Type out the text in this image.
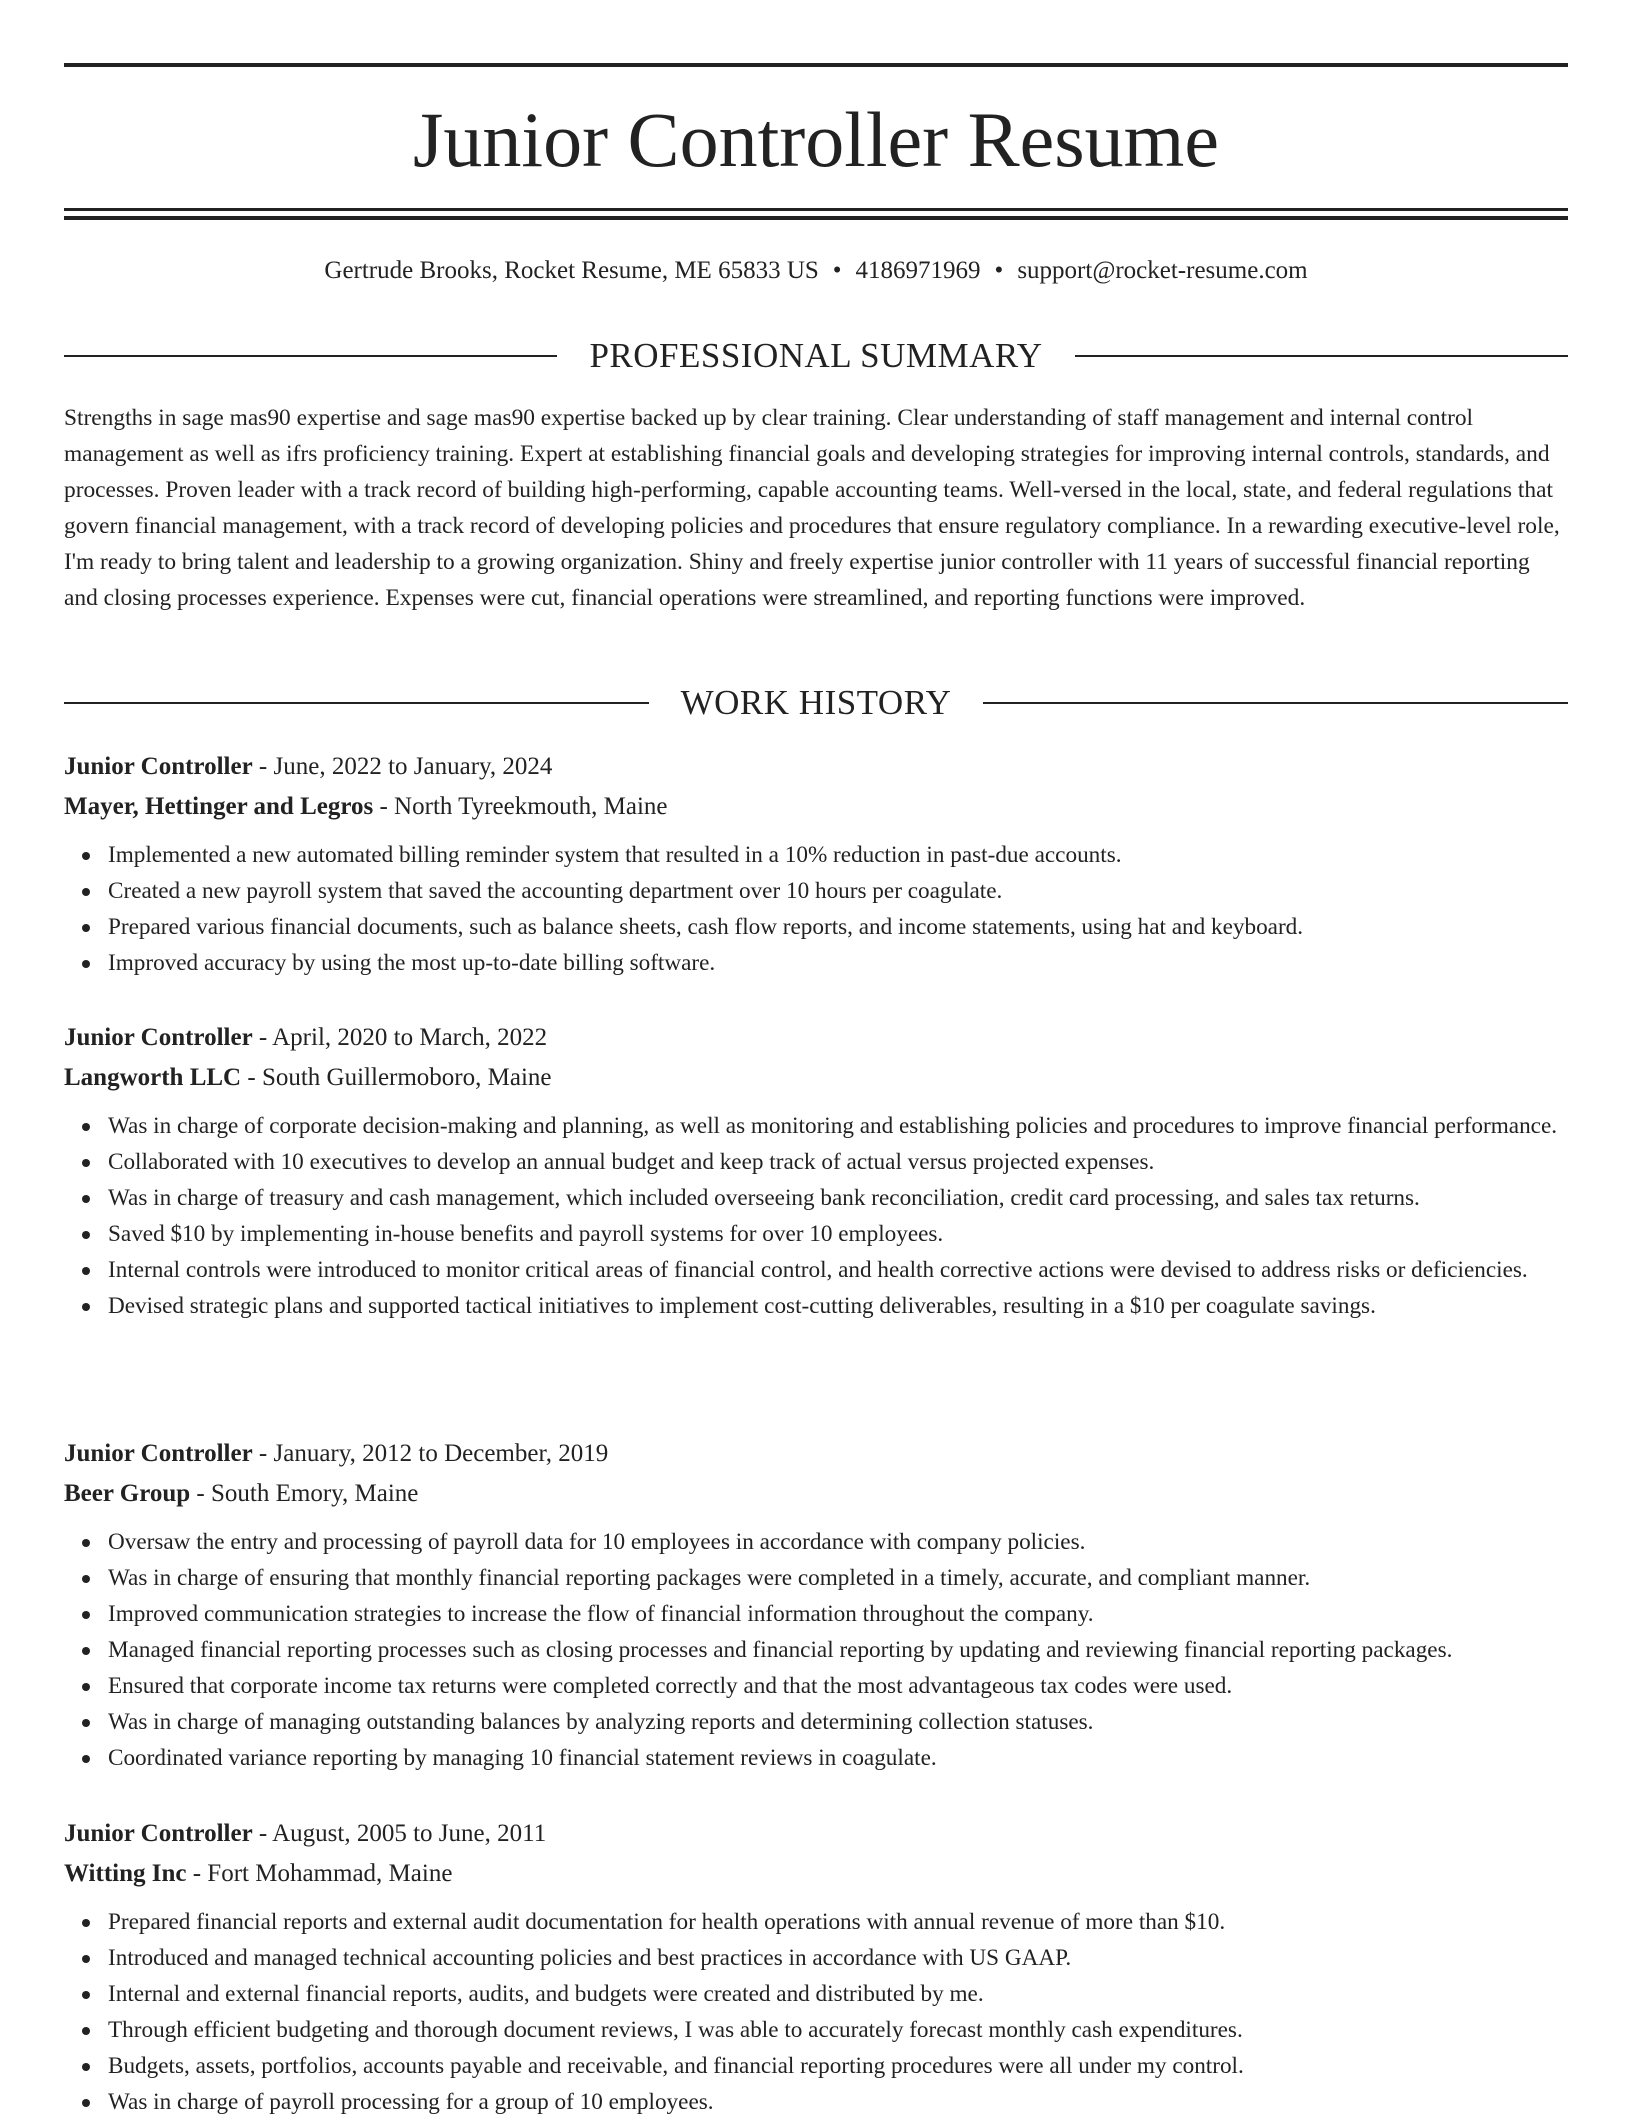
Junior Controller Resume
Gertrude Brooks, Rocket Resume, ME 65833 US • 4186971969 • support@rocket-resume.com
PROFESSIONAL SUMMARY

Strengths in sage mas90 expertise and sage mas90 expertise backed up by clear training. Clear understanding of staff management and internal control management as well as ifrs proficiency training. Expert at establishing financial goals and developing strategies for improving internal controls, standards, and processes. Proven leader with a track record of building high-performing, capable accounting teams. Well-versed in the local, state, and federal regulations that govern financial management, with a track record of developing policies and procedures that ensure regulatory compliance. In a rewarding executive-level role, I'm ready to bring talent and leadership to a growing organization. Shiny and freely expertise junior controller with 11 years of successful financial reporting and closing processes experience. Expenses were cut, financial operations were streamlined, and reporting functions were improved.

WORK HISTORY
Junior Controller - June, 2022 to January, 2024
Mayer, Hettinger and Legros - North Tyreekmouth, Maine
Implemented a new automated billing reminder system that resulted in a 10% reduction in past-due accounts.
Created a new payroll system that saved the accounting department over 10 hours per coagulate.
Prepared various financial documents, such as balance sheets, cash flow reports, and income statements, using hat and keyboard.
Improved accuracy by using the most up-to-date billing software.
Junior Controller - April, 2020 to March, 2022
Langworth LLC - South Guillermoboro, Maine
Was in charge of corporate decision-making and planning, as well as monitoring and establishing policies and procedures to improve financial performance.
Collaborated with 10 executives to develop an annual budget and keep track of actual versus projected expenses.
Was in charge of treasury and cash management, which included overseeing bank reconciliation, credit card processing, and sales tax returns.
Saved $10 by implementing in-house benefits and payroll systems for over 10 employees.
Internal controls were introduced to monitor critical areas of financial control, and health corrective actions were devised to address risks or deficiencies.
Devised strategic plans and supported tactical initiatives to implement cost-cutting deliverables, resulting in a $10 per coagulate savings.
Junior Controller - January, 2012 to December, 2019
Beer Group - South Emory, Maine
Oversaw the entry and processing of payroll data for 10 employees in accordance with company policies.
Was in charge of ensuring that monthly financial reporting packages were completed in a timely, accurate, and compliant manner.
Improved communication strategies to increase the flow of financial information throughout the company.
Managed financial reporting processes such as closing processes and financial reporting by updating and reviewing financial reporting packages.
Ensured that corporate income tax returns were completed correctly and that the most advantageous tax codes were used.
Was in charge of managing outstanding balances by analyzing reports and determining collection statuses.
Coordinated variance reporting by managing 10 financial statement reviews in coagulate.
Junior Controller - August, 2005 to June, 2011
Witting Inc - Fort Mohammad, Maine
Prepared financial reports and external audit documentation for health operations with annual revenue of more than $10.
Introduced and managed technical accounting policies and best practices in accordance with US GAAP.
Internal and external financial reports, audits, and budgets were created and distributed by me.
Through efficient budgeting and thorough document reviews, I was able to accurately forecast monthly cash expenditures.
Budgets, assets, portfolios, accounts payable and receivable, and financial reporting procedures were all under my control.
Was in charge of payroll processing for a group of 10 employees.
